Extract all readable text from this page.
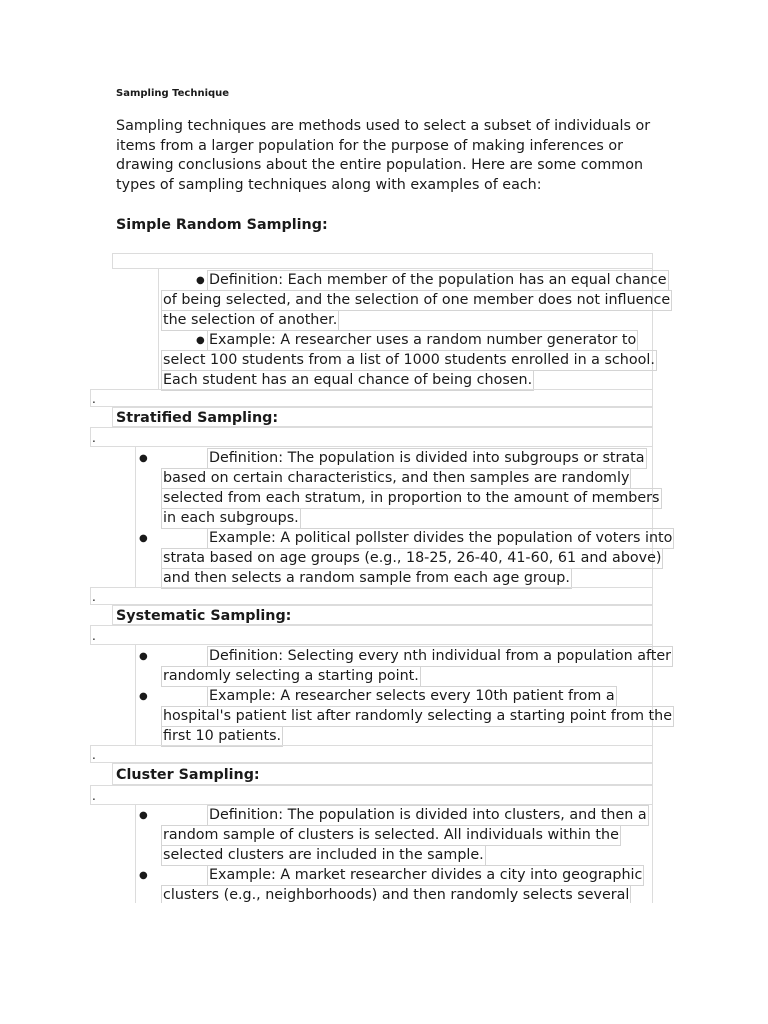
Sampling Technique
Sampling techniques are methods used to select a subset of individuals or items from a larger population for the purpose of making inferences or drawing conclusions about the entire population. Here are some common types of sampling techniques along with examples of each:
Simple Random Sampling:
● Definition: Each member of the population has an equal chance
of being selected, and the selection of one member does not influence
the selection of another.
● Example: A researcher uses a random number generator to
select 100 students from a list of 1000 students enrolled in a school.
Each student has an equal chance of being chosen.
.
Stratified Sampling:
.
●	Definition: The population is divided into subgroups or strata
based on certain characteristics, and then samples are randomly
selected from each stratum, in proportion to the amount of members
in each subgroups.
●	Example: A political pollster divides the population of voters into
strata based on age groups (e.g., 18-25, 26-40, 41-60, 61 and above)
and then selects a random sample from each age group.
.
Systematic Sampling:
.
●	Definition: Selecting every nth individual from a population after
randomly selecting a starting point.
●	Example: A researcher selects every 10th patient from a
hospital's patient list after randomly selecting a starting point from the
first 10 patients.
.
Cluster Sampling:
.
●	Definition: The population is divided into clusters, and then a
random sample of clusters is selected. All individuals within the
selected clusters are included in the sample.
●	Example: A market researcher divides a city into geographic
clusters (e.g., neighborhoods) and then randomly selects several
